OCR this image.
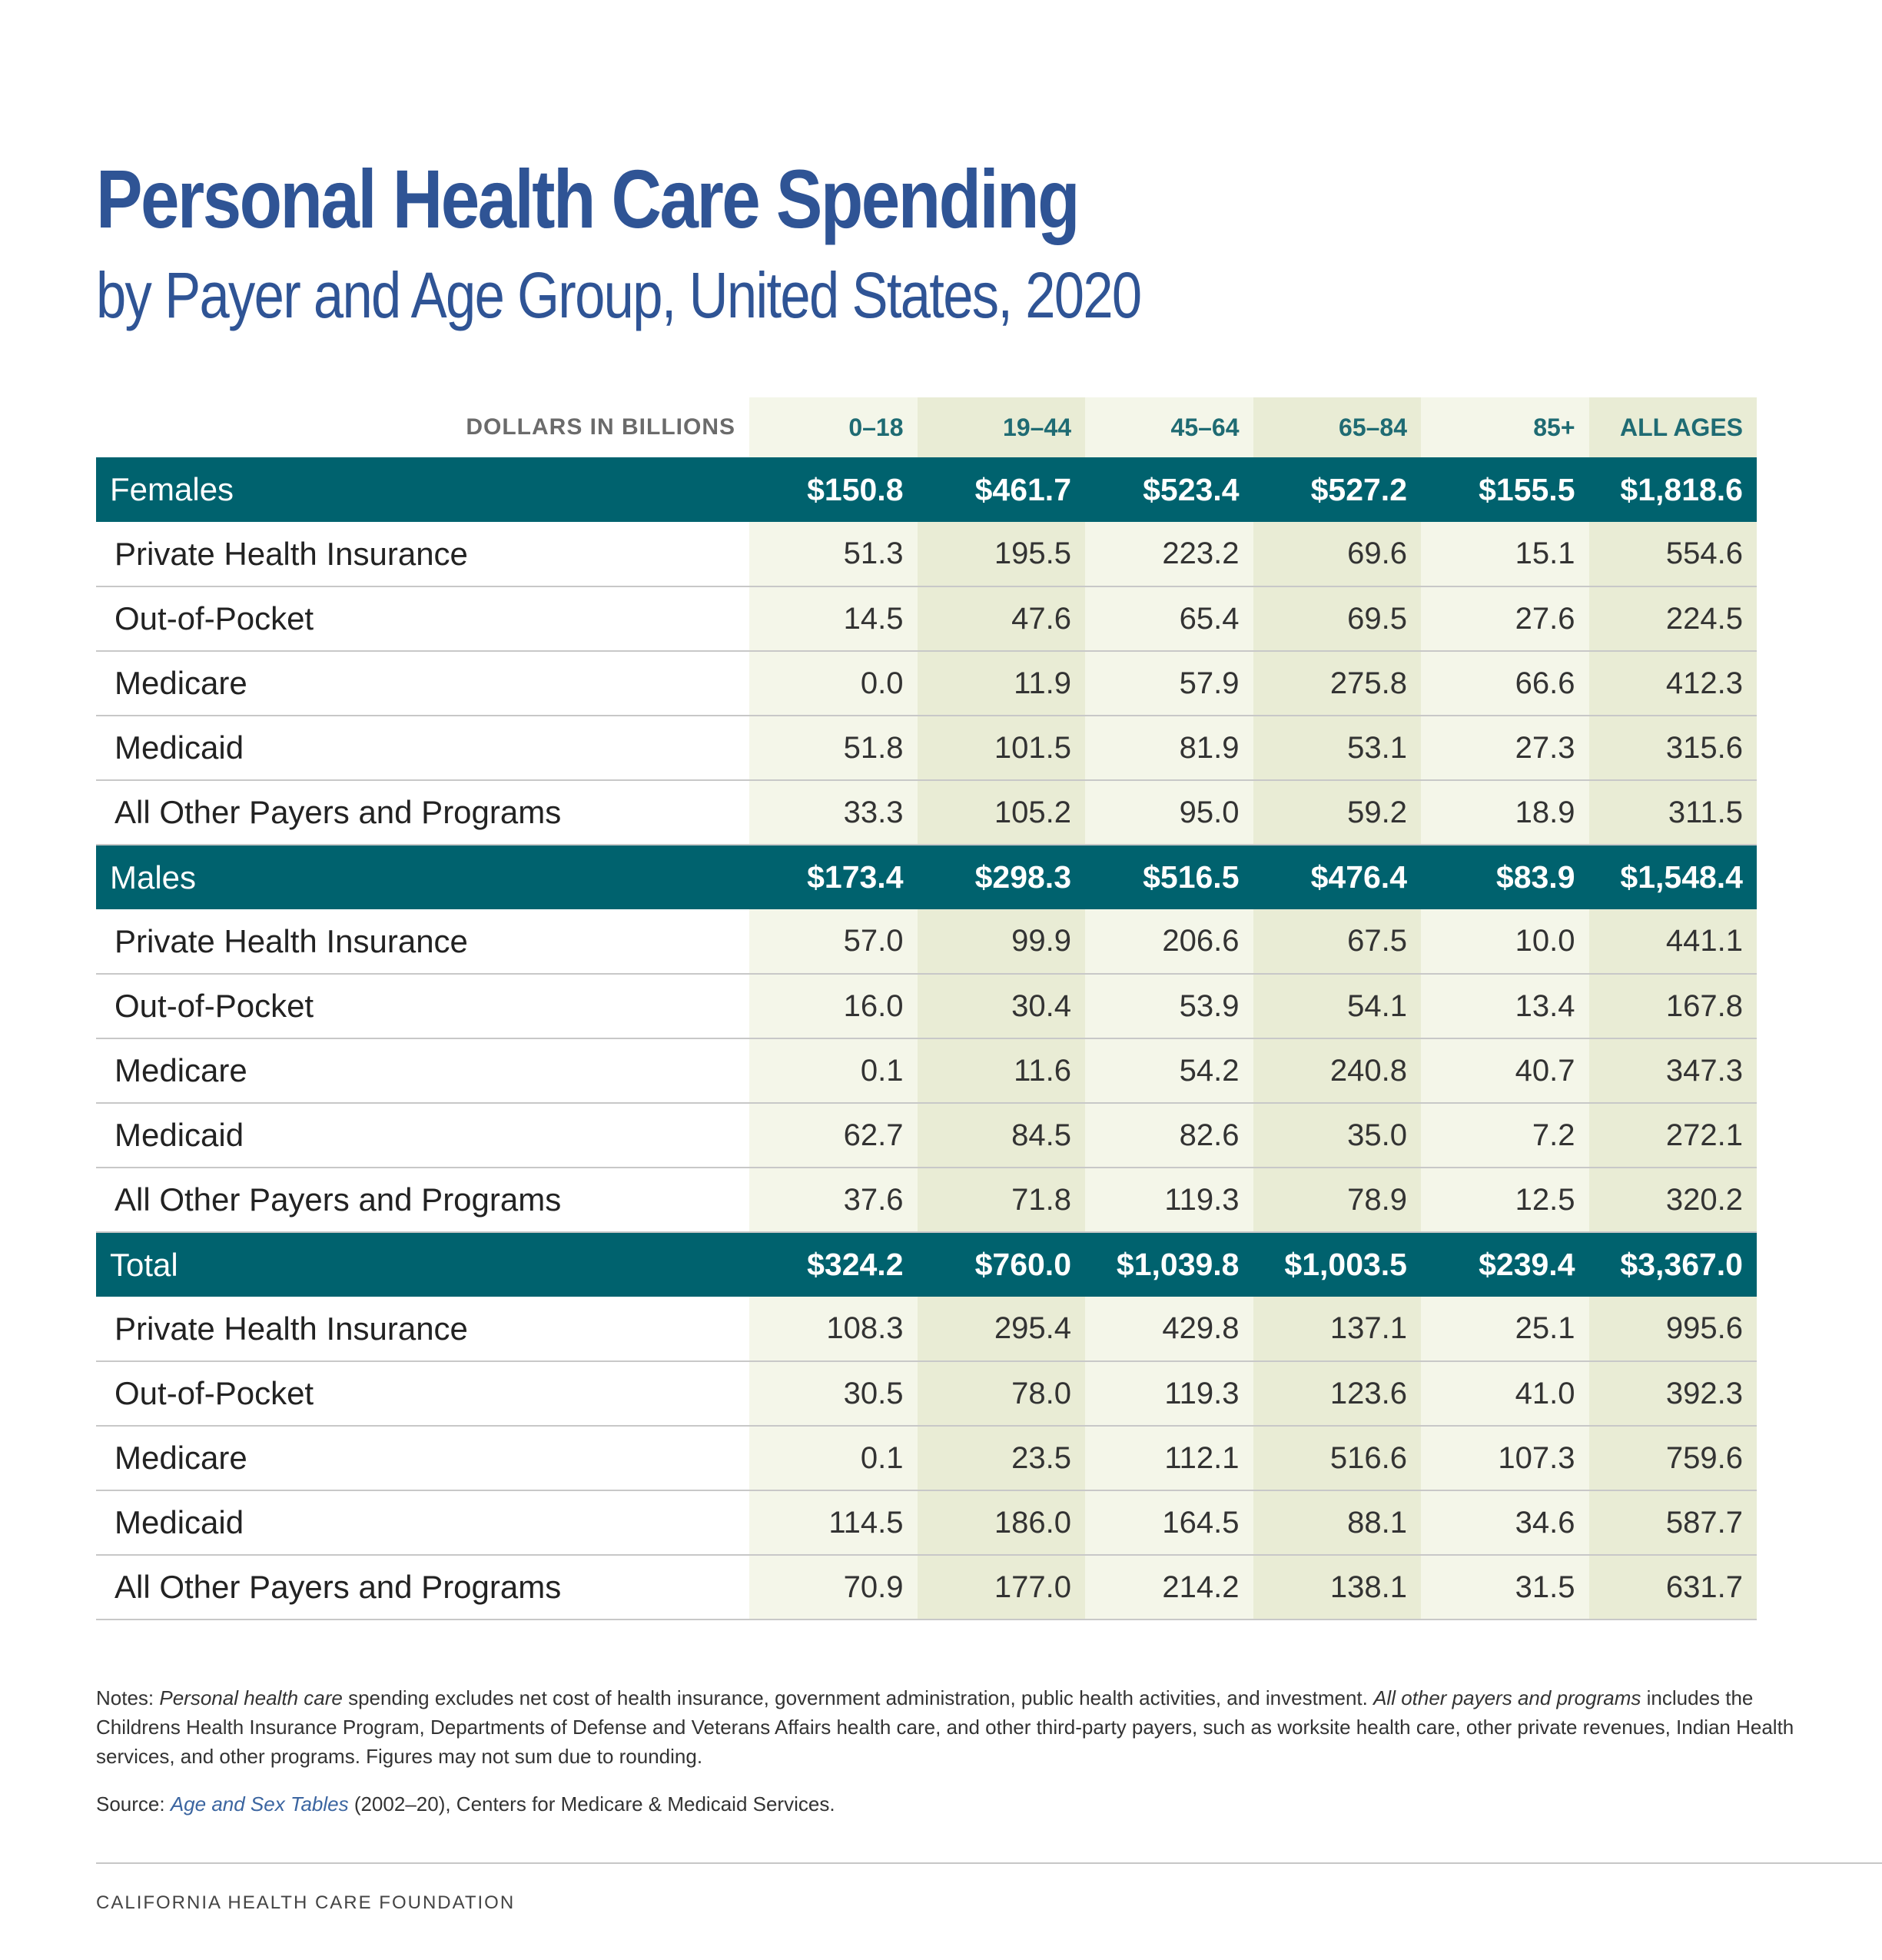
Personal Health Care Spending
by Payer and Age Group, United States, 2020
DOLLARS IN BILLIONS	0–18	19–44	45–64	65–84	85+	ALL AGES
Females	$150.8	$461.7	$523.4	$527.2	$155.5	$1,818.6
Private Health Insurance	51.3	195.5	223.2	69.6	15.1	554.6
Out-of-Pocket	14.5	47.6	65.4	69.5	27.6	224.5
Medicare	0.0	11.9	57.9	275.8	66.6	412.3
Medicaid	51.8	101.5	81.9	53.1	27.3	315.6
All Other Payers and Programs	33.3	105.2	95.0	59.2	18.9	311.5
Males	$173.4	$298.3	$516.5	$476.4	$83.9	$1,548.4
Private Health Insurance	57.0	99.9	206.6	67.5	10.0	441.1
Out-of-Pocket	16.0	30.4	53.9	54.1	13.4	167.8
Medicare	0.1	11.6	54.2	240.8	40.7	347.3
Medicaid	62.7	84.5	82.6	35.0	7.2	272.1
All Other Payers and Programs	37.6	71.8	119.3	78.9	12.5	320.2
Total	$324.2	$760.0	$1,039.8	$1,003.5	$239.4	$3,367.0
Private Health Insurance	108.3	295.4	429.8	137.1	25.1	995.6
Out-of-Pocket	30.5	78.0	119.3	123.6	41.0	392.3
Medicare	0.1	23.5	112.1	516.6	107.3	759.6
Medicaid	114.5	186.0	164.5	88.1	34.6	587.7
All Other Payers and Programs	70.9	177.0	214.2	138.1	31.5	631.7

Notes: Personal health care spending excludes net cost of health insurance, government administration, public health activities, and investment. All other payers and programs includes the Childrens Health Insurance Program, Departments of Defense and Veterans Affairs health care, and other third-party payers, such as worksite health care, other private revenues, Indian Health services, and other programs. Figures may not sum due to rounding.

Source: Age and Sex Tables (2002–20), Centers for Medicare & Medicaid Services.

CALIFORNIA HEALTH CARE FOUNDATION
